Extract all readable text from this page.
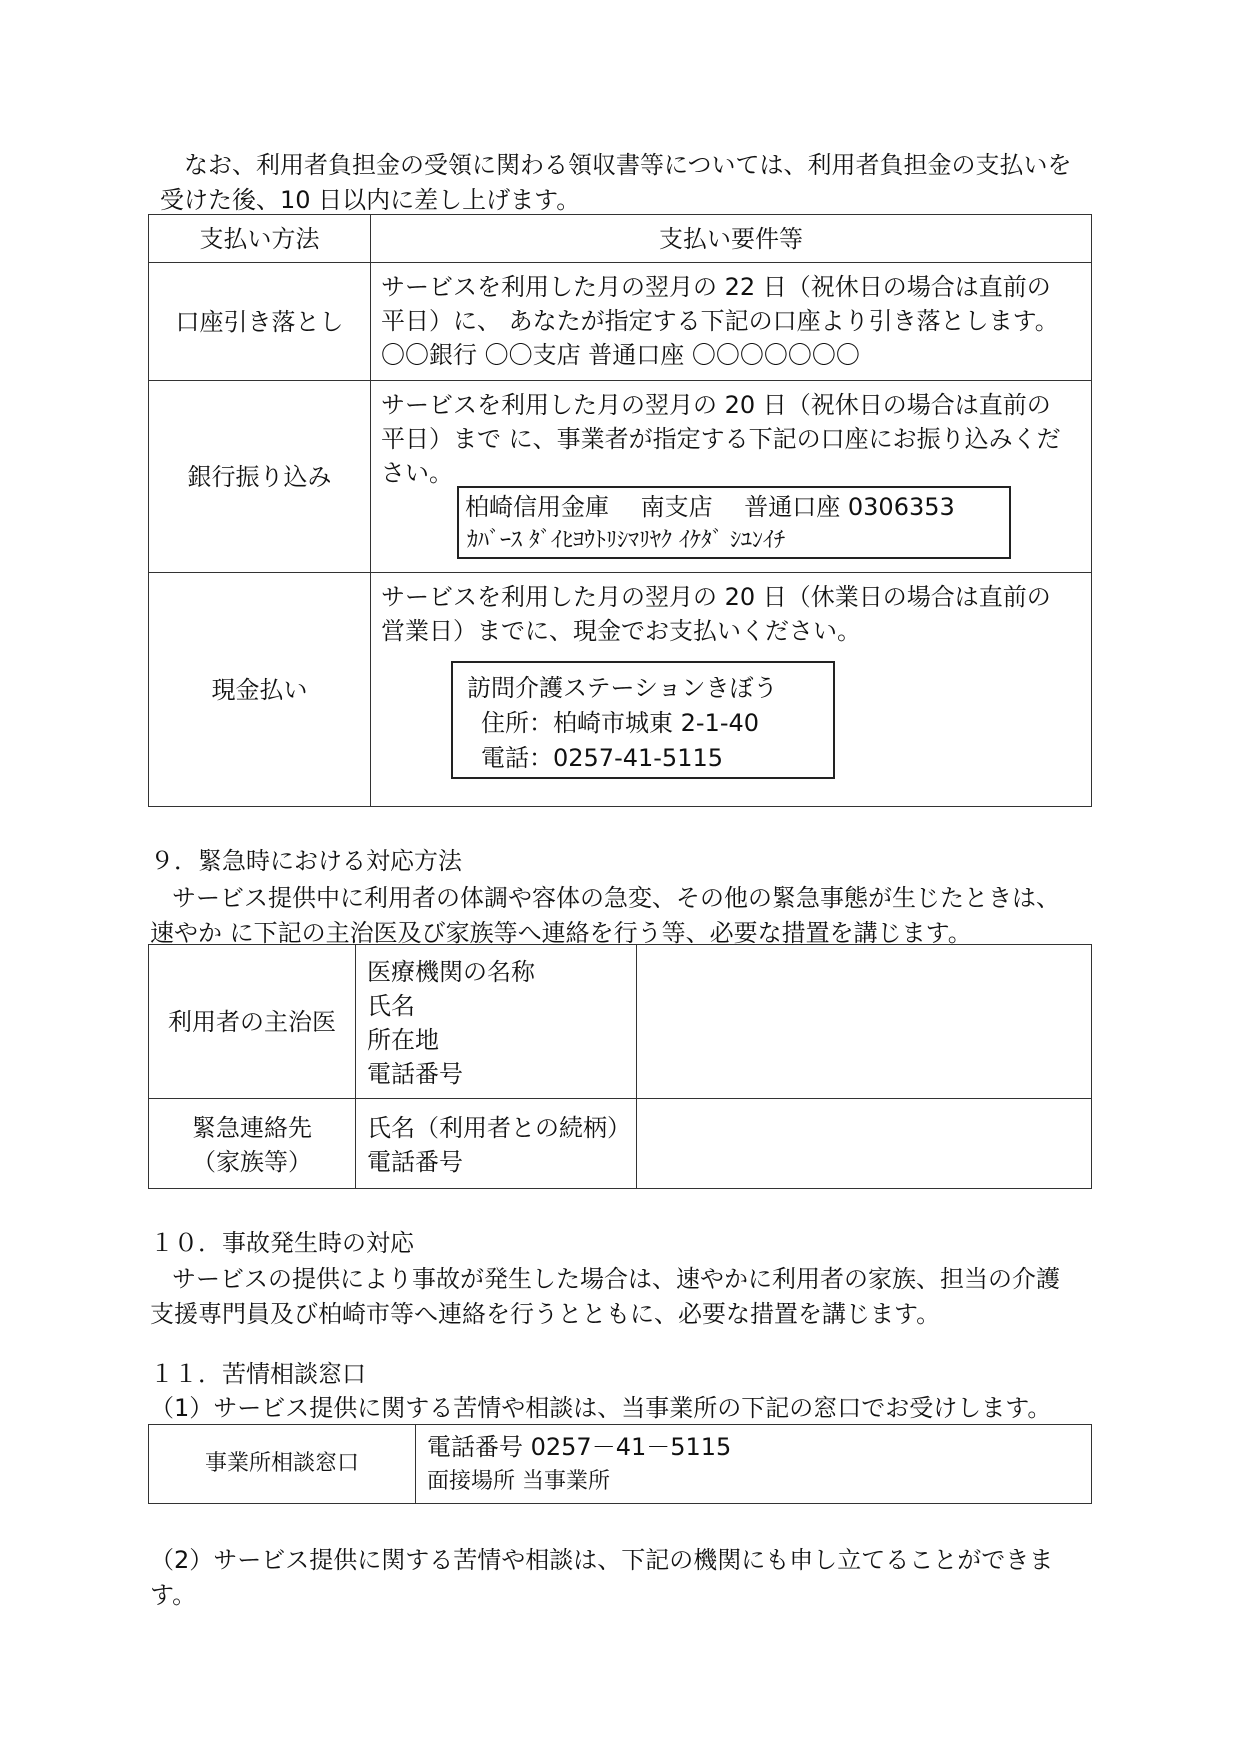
なお、利用者負担金の受領に関わる領収書等については、利用者負担金の支払いを

受けた後、10 日以内に差し上げます。

支払い方法	支払い要件等
口座引き落とし
サービスを利用した月の翌月の 22 日（祝休日の場合は直前の
平日）に、 あなたが指定する下記の口座より引き落とします。
〇〇銀行 〇〇支店 普通口座 〇〇〇〇〇〇〇
銀行振り込み
サービスを利用した月の翌月の 20 日（祝休日の場合は直前の
平日）まで に、事業者が指定する下記の口座にお振り込みくだ
さい。
柏崎信用金庫　 南支店　 普通口座 0306353
ｶﾊﾞｰｽ ﾀﾞｲﾋﾖｳﾄﾘｼﾏﾘﾔｸ ｲｹﾀﾞ ｼﾕﾝｲﾁ
現金払い
サービスを利用した月の翌月の 20 日（休業日の場合は直前の
営業日）までに、現金でお支払いください。
訪問介護ステーションきぼう
住所：柏崎市城東 2-1-40
電話：0257-41-5115

９．緊急時における対応方法

サービス提供中に利用者の体調や容体の急変、その他の緊急事態が生じたときは、

速やか に下記の主治医及び家族等へ連絡を行う等、必要な措置を講じます。

利用者の主治医
医療機関の名称
氏名
所在地
電話番号
緊急連絡先
（家族等）
氏名（利用者との続柄）
電話番号

１０．事故発生時の対応

サービスの提供により事故が発生した場合は、速やかに利用者の家族、担当の介護

支援専門員及び柏崎市等へ連絡を行うとともに、必要な措置を講じます。

１１．苦情相談窓口

（1）サービス提供に関する苦情や相談は、当事業所の下記の窓口でお受けします。

事業所相談窓口
電話番号 0257－41－5115
面接場所 当事業所

（2）サービス提供に関する苦情や相談は、下記の機関にも申し立てることができま

す。
